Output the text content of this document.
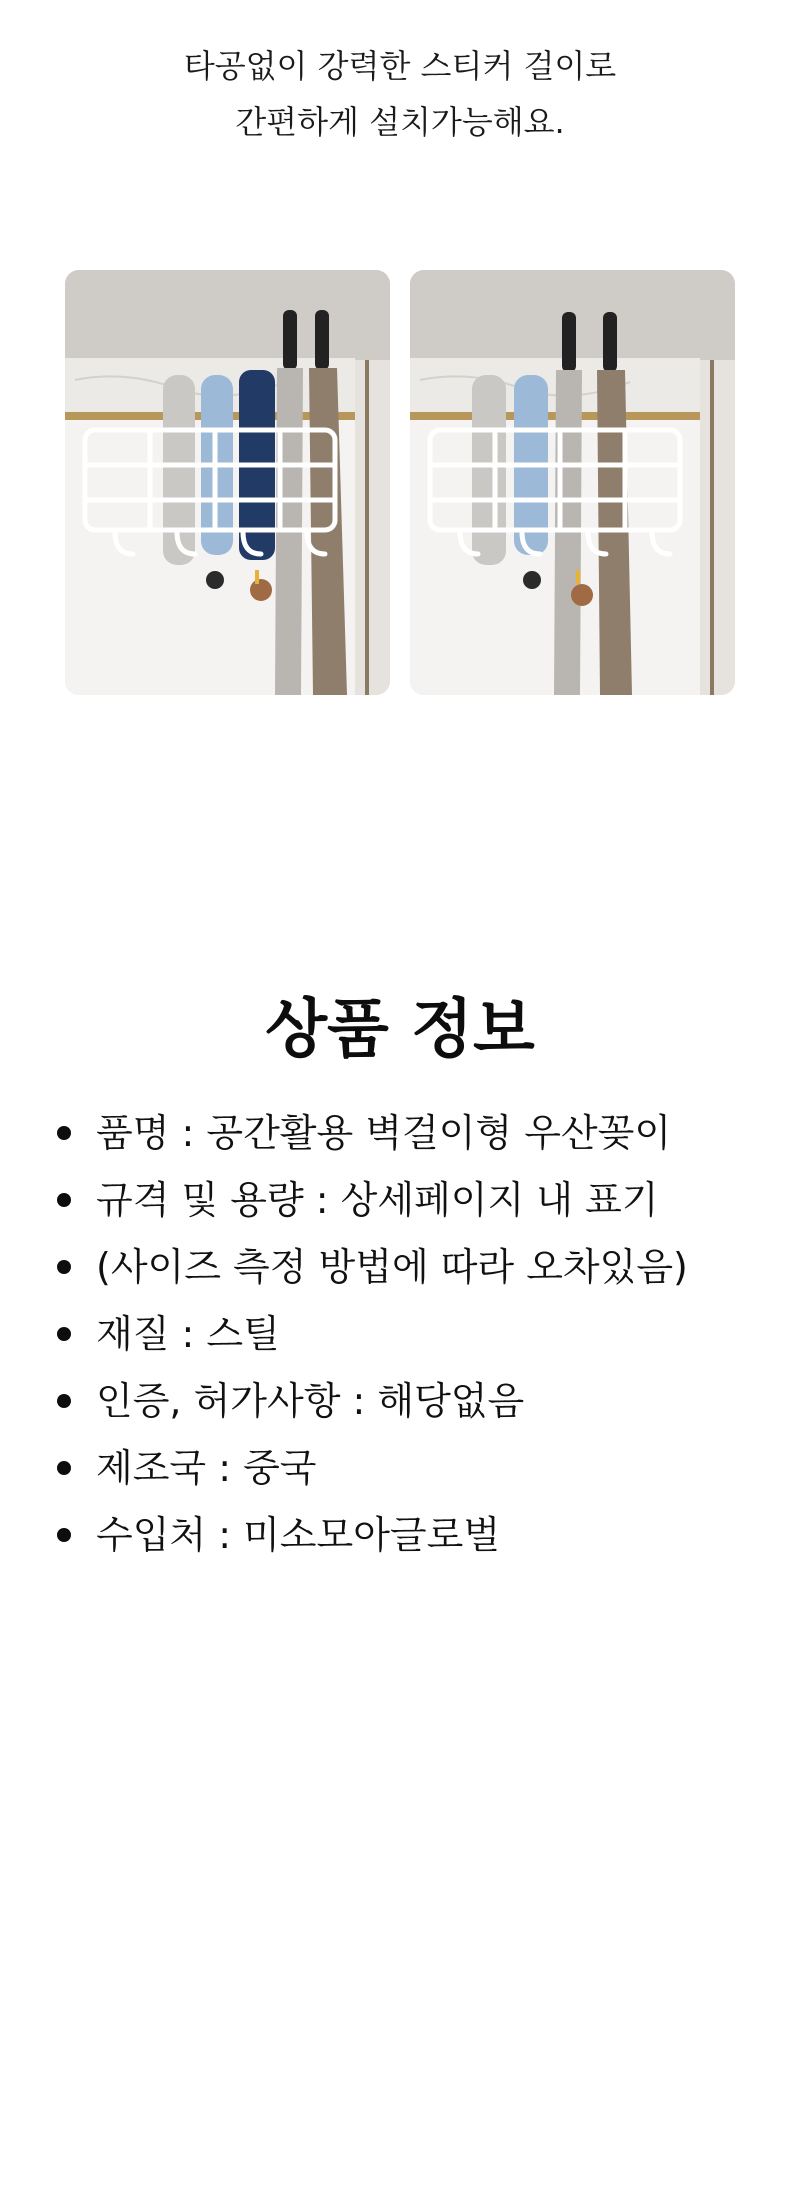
타공없이 강력한 스티커 걸이로
간편하게 설치가능해요.
상품 정보
품명 : 공간활용 벽걸이형 우산꽂이
규격 및 용량 : 상세페이지 내 표기
(사이즈 측정 방법에 따라 오차있음)
재질 : 스틸
인증, 허가사항 : 해당없음
제조국 : 중국
수입처 : 미소모아글로벌
